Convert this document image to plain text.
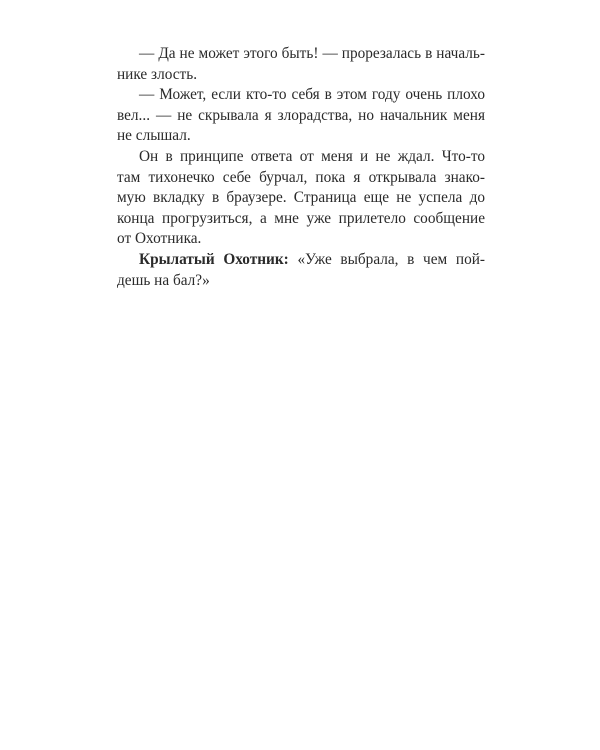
— Да не может этого быть! — прорезалась в началь-
нике злость.
— Может, если кто-то себя в этом году очень плохо
вел... — не скрывала я злорадства, но начальник меня
не слышал.
Он в принципе ответа от меня и не ждал. Что-то
там тихонечко себе бурчал, пока я открывала знако-
мую вкладку в браузере. Страница еще не успела до
конца прогрузиться, а мне уже прилетело сообщение
от Охотника.
Крылатый Охотник: «Уже выбрала, в чем пой-
дешь на бал?»
